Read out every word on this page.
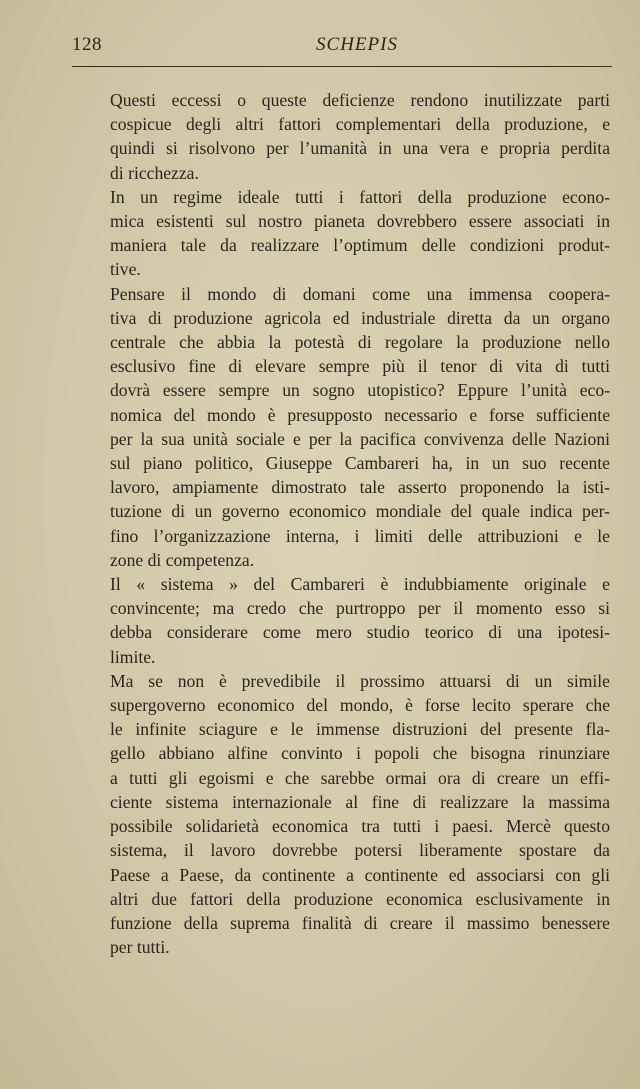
128	SCHEPIS

Questi eccessi o queste deficienze rendono inutilizzate parti
cospicue degli altri fattori complementari della produzione, e
quindi si risolvono per l’umanità in una vera e propria perdita
di ricchezza.

In un regime ideale tutti i fattori della produzione econo-
mica esistenti sul nostro pianeta dovrebbero essere associati in
maniera tale da realizzare l’optimum delle condizioni produt-
tive.

Pensare il mondo di domani come una immensa coopera-
tiva di produzione agricola ed industriale diretta da un organo
centrale che abbia la potestà di regolare la produzione nello
esclusivo fine di elevare sempre più il tenor di vita di tutti
dovrà essere sempre un sogno utopistico? Eppure l’unità eco-
nomica del mondo è presupposto necessario e forse sufficiente
per la sua unità sociale e per la pacifica convivenza delle Nazioni
sul piano politico, Giuseppe Cambareri ha, in un suo recente
lavoro, ampiamente dimostrato tale asserto proponendo la isti-
tuzione di un governo economico mondiale del quale indica per-
fino l’organizzazione interna, i limiti delle attribuzioni e le
zone di competenza.

Il « sistema » del Cambareri è indubbiamente originale e
convincente; ma credo che purtroppo per il momento esso si
debba considerare come mero studio teorico di una ipotesi-
limite.

Ma se non è prevedibile il prossimo attuarsi di un simile
supergoverno economico del mondo, è forse lecito sperare che
le infinite sciagure e le immense distruzioni del presente fla-
gello abbiano alfine convinto i popoli che bisogna rinunziare
a tutti gli egoismi e che sarebbe ormai ora di creare un effi-
ciente sistema internazionale al fine di realizzare la massima
possibile solidarietà economica tra tutti i paesi. Mercè questo
sistema, il lavoro dovrebbe potersi liberamente spostare da
Paese a Paese, da continente a continente ed associarsi con gli
altri due fattori della produzione economica esclusivamente in
funzione della suprema finalità di creare il massimo benessere
per tutti.
